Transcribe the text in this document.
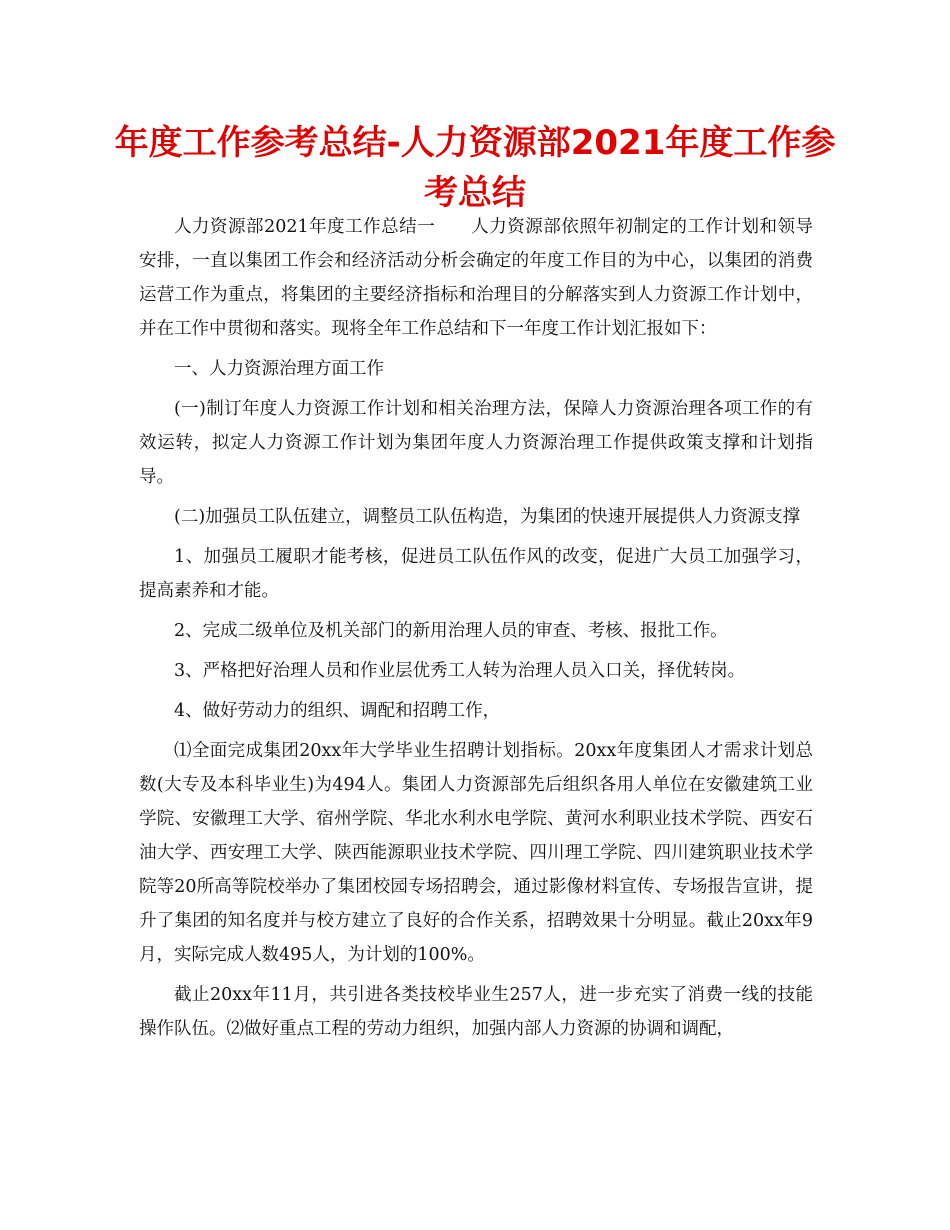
年度工作参考总结-人力资源部2021年度工作参考总结

人力资源部2021年度工作总结一　　人力资源部依照年初制定的工作计划和领导安排，一直以集团工作会和经济活动分析会确定的年度工作目的为中心，以集团的消费运营工作为重点，将集团的主要经济指标和治理目的分解落实到人力资源工作计划中，并在工作中贯彻和落实。现将全年工作总结和下一年度工作计划汇报如下：

一、人力资源治理方面工作

(一)制订年度人力资源工作计划和相关治理方法，保障人力资源治理各项工作的有效运转，拟定人力资源工作计划为集团年度人力资源治理工作提供政策支撑和计划指导。

(二)加强员工队伍建立，调整员工队伍构造，为集团的快速开展提供人力资源支撑

1、加强员工履职才能考核，促进员工队伍作风的改变，促进广大员工加强学习，提高素养和才能。

2、完成二级单位及机关部门的新用治理人员的审查、考核、报批工作。

3、严格把好治理人员和作业层优秀工人转为治理人员入口关，择优转岗。

4、做好劳动力的组织、调配和招聘工作，

⑴全面完成集团20xx年大学毕业生招聘计划指标。20xx年度集团人才需求计划总数(大专及本科毕业生)为494人。集团人力资源部先后组织各用人单位在安徽建筑工业学院、安徽理工大学、宿州学院、华北水利水电学院、黄河水利职业技术学院、西安石油大学、西安理工大学、陕西能源职业技术学院、四川理工学院、四川建筑职业技术学院等20所高等院校举办了集团校园专场招聘会，通过影像材料宣传、专场报告宣讲，提升了集团的知名度并与校方建立了良好的合作关系，招聘效果十分明显。截止20xx年9月，实际完成人数495人，为计划的100%。

截止20xx年11月，共引进各类技校毕业生257人，进一步充实了消费一线的技能操作队伍。⑵做好重点工程的劳动力组织，加强内部人力资源的协调和调配，
